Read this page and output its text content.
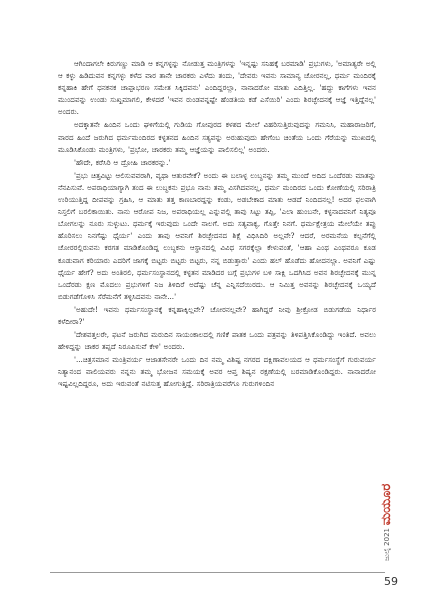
ಆಗಿಂದಾಗಲೇ ಕಿರುಗಣ್ಣು ಮಾಡಿ ಆ ಕನ್ನಗಳ್ಳನ್ನು ನೋಡುತ್ತ ಮಂತ್ರಿಗಳನ್ನು 'ಇನ್ನಷ್ಟು ಸನಿಹಕ್ಕೆ ಬರಮಾಡಿ' ಪ್ರಭುಗಳು, 'ಅಮಾತ್ಯರೇ ಅಲ್ಲಿ ಆ ಕಳ್ಳು ಹಿಡಿದುವನ ಕನ್ನಗಳ್ಳು ಕಳೆದ ವಾರ ತಾನೇ ಚಾರಕರು ಎಳೆದು ತಂದು, 'ದೇವರು ಇವನು ಸಾಮಾನ್ಯ ಚೋರನಲ್ಲ, ಧರ್ಮ ಮಂದಿರಕ್ಕೆ ಕನ್ನಹಾಕಿ ಹೇಗೆ ಧನಕನಕ ಚಾಪ್ಪಾಭರಣ ಸಮೇತ ಸಿಕ್ಕಿದವನು' ಎಂದಿದ್ದರಲ್ಲಾ, ನಾನಾದರೋ ಮಾತು ಎದಿತ್ತಿಲ್ಲ. 'ಹದ್ದು ಕಾಗೆಗಳು ಇವನ ಮುಂದವನ್ನು ಉಂಡು ಸುಖ್ಖಮಾಗಲಿ, ಕೇಳದರೆ 'ಇವನ ರುಂಡವನ್ನಷ್ಟೇ ಹೆಂಡತಿಯ ಕಡೆ ಎಸೆಯಿರಿ' ಎಂದು ಶಿರಚ್ಛೇದನಕ್ಕೆ ಆಜ್ಞೆ ಇತ್ತಿದ್ದೆನಲ್ಲ' ಅಂದರು.

ಅದಕ್ಕಾತನೇ ಹಿಂದಿನ ಒಂದು ಘಳಿಗೆಯಲ್ಲಿ ಗುಡಿಯ ಗೋಪುರದ ಕಳಶದ ಮೇಲೆ ವಿಹರಿಸುತ್ತಿರುವುದನ್ನು ಗಮನಿಸಿ, ಮಹಾರಾಜರಿಗೆ, ವಾರದ ಹಿಂದೆ ಜರುಗಿದ ಧರ್ಮಮಂದಿರದ ಕಳ್ಳತನದ ಹಿಂದಿನ ಸತ್ಯವನ್ನು ಅರುಹುವುದು ಹೇಗೆಂಬ ಚಿಂತೆಯ ಒಂದು ಗೆರೆಯನ್ನು ಮುಖದಲ್ಲಿ ಮೂಡಿಸಿಕೊಂಡು ಮಂತ್ರಿಗಳು, 'ಪ್ರಭೋ, ಚಾರಕರು ತಮ್ಮ ಆಜ್ಞೆಯನ್ನು ಪಾಲಿಸಲಿಲ್ಲ' ಅಂದರು.

'ಹೌದೇ, ಕರೆಸಿರಿ ಆ ದ್ರೋಹಿ ಚಾರಕರನ್ನು.'

'ಪ್ರಭು ಚಿತ್ತವಿಟ್ಟು ಆಲಿಸುವವರಾಗಿ, ವ್ಯಥಾ ಆತುರವೇಕೆ? ಅಂದು ಈ ಬಲಾಳ್ಳ ಲುಬ್ಧನನ್ನು ತಮ್ಮ ಮುಂದೆ ಅದಿದ ಒಂದೆರಡು ಮಾತನ್ನು ನೆನಪಿಸುವೆ. ಅಪರಾಧಿಯಾಗ್ಯಾಗಿ ತಂದ ಈ ಲುಬ್ಧಕನು ಪ್ರಭೂ ನಾನು ತಮ್ಮ ವಿಸಗಿದವನಲ್ಲ, ಧರ್ಮ ಮಂದಿರದ ಒಂದು ಕೋಣೆಯಲ್ಲಿ ಸರಿರಾತ್ರಿ ಉರಿಯುತ್ತಿದ್ದ ದೀಪವನ್ನು ಗ್ರಹಿಸಿ, ಆ ಮಾತು ತತ್ತ ಕಾಣಬಾರದ್ದನ್ನು ಕಂಡು, ಅಡಬೇಕಾದ ಮಾತು ಆಡದೆ ನಿಂದಿದನಲ್ಲ! ಅದರ ಫಲವಾಗಿ ನಿಸ್ತಲಿಗೆ ಬರಲಿಕಾಯಿತು. ನಾನು ಆರೋಪ ನಿಜ, ಅಪರಾಧಿಯಲ್ಲ ಎನ್ನುವಲ್ಲಿ ತಾವು ಸಿಟ್ಟು ತಪ್ಪಿ, 'ಎಲಾ ಹುಂಬನೇ, ಕಳ್ಳನಾದವನಿಗೆ ನಿತ್ಯವೂ ಬೋಗಲನ್ನು ನೂರು ಸುಳ್ಳುಟು. ಧರ್ಮಕ್ಕೆ ಇರುವುದು ಒಂದೇ ನಾಲಗೆ. ಅದು ಸತ್ಯವಾಕ್ಯ, ಗೊತ್ತೇ ನಿನಗೆ. ಧರ್ಮಕ್ಷೇತ್ರಯ ಮೇಲೆಯೇ ತಪ್ಪು ಹೊರಿಸಲು ನಿನಗೆಷ್ಟು ಧೈರ್ಯ' ಎಂದು ತಾವು ಆವನಿಗೆ ಶಿರಚ್ಛೇದನದ ಶಿಕ್ಷೆ ವಿಧಿಸಿದಿರಿ ಅಲ್ಲವೇ? ಆದರೆ, ಅರಮನೆಯ ಕಲ್ಪನೆಗೆಲ್ಲಿ ಚೋರರಲ್ಲಿರುವನು ಕರಗತ ಮಾಡಿಕೊಂಡಿದ್ದ ಲುಬ್ಧಕನು ಆಸ್ಥಾನದಲ್ಲಿ ವಿವಿಧ ಸಗರಕ್ಕೆಲ್ಲಾ ಕೇಳುವಂತೆ, 'ಆಹಾ ಎಂಥ ಎಂಥವರೂ ಕೂಡ ಕೂಡುವಾಗ ಕರಿಯಾರು ಎದರಿಗೆ ಜಾಗಕ್ಕೆ ಬಿಟ್ಟರು ಬಿಟ್ಟರು ಬಿಟ್ಟರು, ನನ್ನ ಬಿಡುತ್ತಾರು' ಎಂದು ಹಲ್ ಹೊಡೆದು ಹೋದನಲ್ಲಾ. ಅವನಿಗೆ ಎಷ್ಟು ಧೈರ್ಯ ಹೇಗೆ? ಅದು ಅಂತಿರಲಿ, ಧರ್ಮಸಂಸ್ಥಾನದಲ್ಲಿ ಕಳ್ಳತನ ಮಾಡಿದರ ಬಗ್ಗೆ ಪ್ರಭುಗಳ ಬಳಿ ಸಾಕ್ಷಿ ಒದಗಿಸಿದ ಅವನ ಶಿರಚ್ಛೇದನಕ್ಕೆ ಮುನ್ನ ಒಂದೆರಡು ಕ್ಷಣ ಮೊದಲು ಪ್ರಭುಗಳಿಗೆ ನಿಜ ತಿಳಿದಿರೆ ಅದೆಷ್ಟು ಚೆನ್ನ ಎನ್ನಿಸದೆಯಿರದು. ಆ ನಿಮಿತ್ತ ಅವನನ್ನು ಶಿರಚ್ಛೇದನಕ್ಕೆ ಒಯ್ಯದೆ ಬಿಡುಗಡೆಗೊಳಿಸಿ ಸೆರೆಮನೆಗೆ ತಳ್ಳಿಸಿದವನು ನಾನೇ...'

'ಅಹುದೇ! ಇವನು ಧರ್ಮಸಂಸ್ಥಾನಕ್ಕೆ ಕನ್ನಹಾಕ್ಕಿಲ್ಲವೇ? ಚೋರನಲ್ಲವೇ? ಹಾಗಿದ್ದರೆ ನೀವು ಶ್ರೀಕ್ರೋಡ ಬಿಡುಗಡೆಯ ನಿರ್ಧಾರ ಕಳೆದೀರಾ?'

'ದೇಶವತ್ತಲರೇ, ಫಟನೆ ಜರುಗಿದ ಮರುದಿನ ಸಾಯಂಕಾಲದಲ್ಲಿ ಗಣಿಕೆ ಪಾತಕ ಒಂದು ಪತ್ರವನ್ನು ತಿಳಿಪತ್ತಿಸಿಕೊಂಡಿದ್ದು ಇಂತಿದೆ. ಅವಲು ಹೇಳಿದ್ದನ್ನು ಚಾಕರ ತಪ್ಪದೆ ನಿರೂಪಿಸುವೆ ಕೇಳಿ' ಅಂದರು.

'...ಚಿತ್ರಸಮಾನ ಮಂತ್ರಿವರ್ಯ ಆಜಾತಸೇನರೇ ಒಂದು ದಿನ ನಮ್ಮ ವಿಶಿಷ್ಟ ನಗರದ ದಕ್ಷಿಣಾವಲಯದ ಆ ಧರ್ಮಸಂಸ್ಥೆಗೆ ಗುರುವರ್ಯ ನಿತ್ಯಾನಂದ ವಾಲಿಯವರು ನನ್ನನು ತಮ್ಮ ಭೋಜನ ಸಮಯಕ್ಕೆ ಅವರ ಆಪ್ತ ಶಿಷ್ಯನ ರಕ್ಷಣೆಯಲ್ಲಿ ಬರಮಾಡಿಕೊಂಡಿದ್ದರು. ನಾನಾದರೋ ಇಷ್ಟವಿಲ್ಲದಿದ್ದರೂ, ಅದು ಇರುವಂತೆ ನಟಿಸುತ್ತ ಹೋಗುತ್ತಿದ್ದೆ. ಸರಿರಾತ್ರಿಯವರೆಗೂ ಗುರುಗಳಿಂದಿನ

ಮಯೂರ
ಜುಲೈ 2021
59
